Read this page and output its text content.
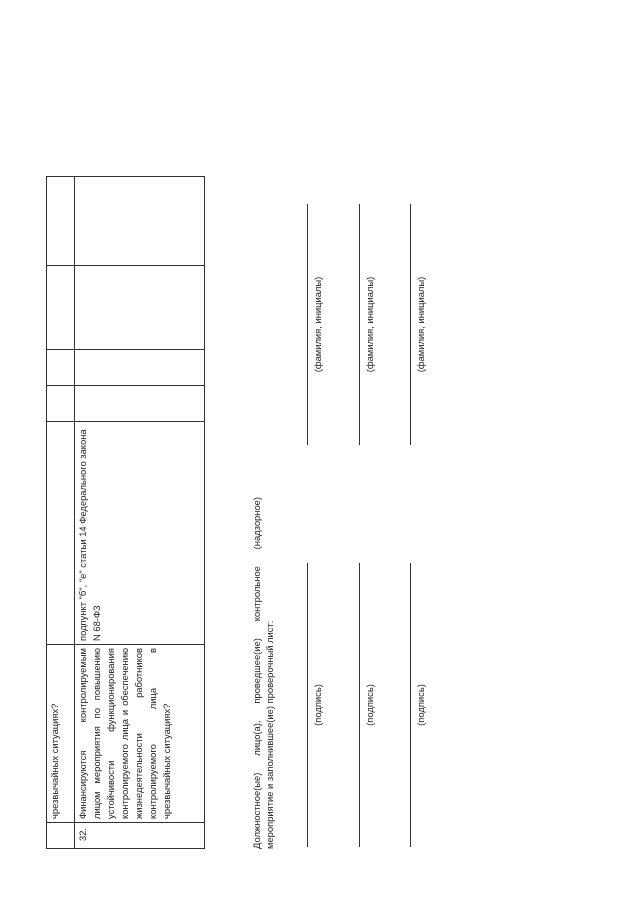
	чрезвычайных ситуациях?					

32.	Финансируются контролируемым лицом мероприятия по повышению устойчивости функционирования контролируемого лица и обеспечению жизнедеятельности работников контролируемого лица в чрезвычайных ситуациях?	подпункт "б", "е" статьи 14 Федерального закона N 68-ФЗ				
					Должностное(ые) лицо(а), проведшее(ие) контрольное (надзорное) мероприятие и заполнившее(ие) проверочный лист:	(подпись)
(фамилия, инициалы)
(подпись)
(фамилия, инициалы)
(подпись)
(фамилия, инициалы)
